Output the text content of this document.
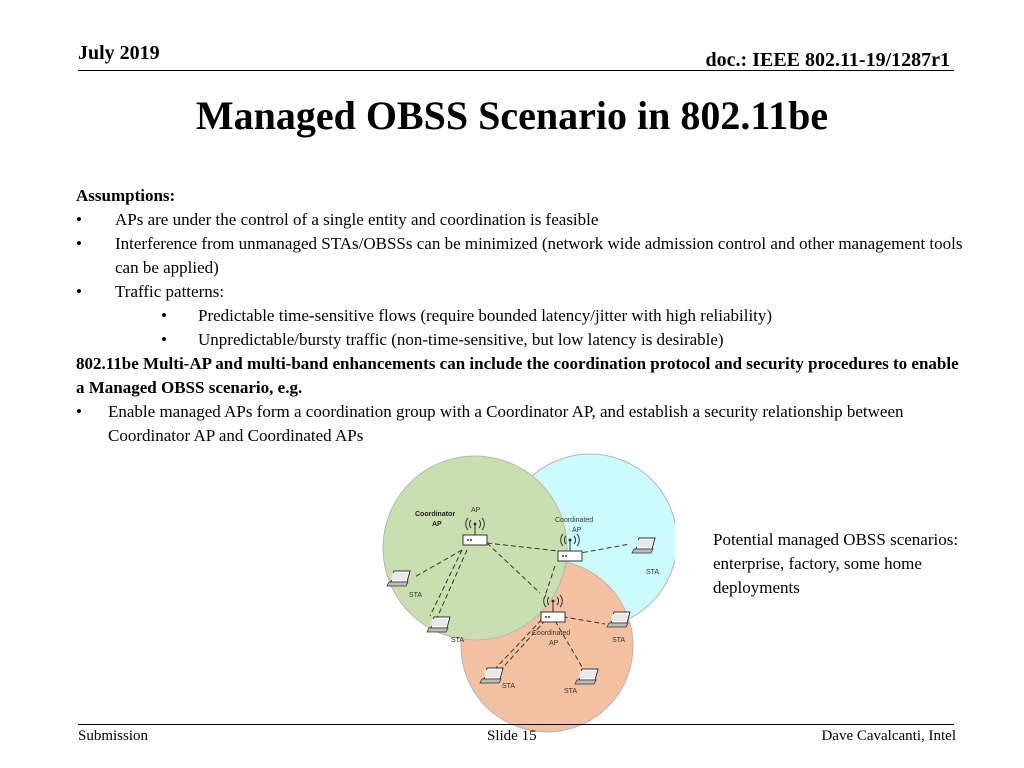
July 2019	doc.: IEEE 802.11-19/1287r1
Managed OBSS Scenario in 802.11be

Assumptions:

• APs are under the control of a single entity and coordination is feasible

• Interference from unmanaged STAs/OBSSs can be minimized (network wide admission control and other management tools can be applied)

• Traffic patterns:

• Predictable time-sensitive flows (require bounded latency/jitter with high reliability)

• Unpredictable/bursty traffic (non-time-sensitive, but low latency is desirable)

802.11be Multi-AP and multi-band enhancements can include the coordination protocol and security procedures to enable a Managed OBSS scenario, e.g.

• Enable managed APs form a coordination group with a Coordinator AP, and establish a security relationship between Coordinator AP and Coordinated APs

Coordinator
AP
AP
Coordinated
AP
Coordinated
AP
STA
STA
STA	STA
STA
STA
Potential managed OBSS scenarios: enterprise, factory, some home deployments
Submission	Slide 15	Dave Cavalcanti, Intel
